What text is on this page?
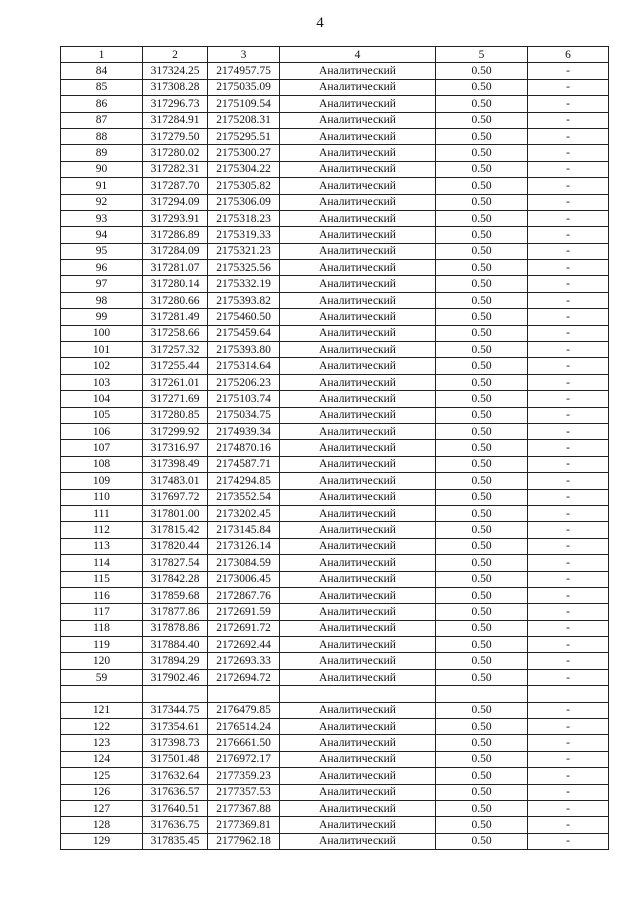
4
1	2	3	4	5	6
84	317324.25	2174957.75	Аналитический	0.50	-
85	317308.28	2175035.09	Аналитический	0.50	-
86	317296.73	2175109.54	Аналитический	0.50	-
87	317284.91	2175208.31	Аналитический	0.50	-
88	317279.50	2175295.51	Аналитический	0.50	-
89	317280.02	2175300.27	Аналитический	0.50	-
90	317282.31	2175304.22	Аналитический	0.50	-
91	317287.70	2175305.82	Аналитический	0.50	-
92	317294.09	2175306.09	Аналитический	0.50	-
93	317293.91	2175318.23	Аналитический	0.50	-
94	317286.89	2175319.33	Аналитический	0.50	-
95	317284.09	2175321.23	Аналитический	0.50	-
96	317281.07	2175325.56	Аналитический	0.50	-
97	317280.14	2175332.19	Аналитический	0.50	-
98	317280.66	2175393.82	Аналитический	0.50	-
99	317281.49	2175460.50	Аналитический	0.50	-
100	317258.66	2175459.64	Аналитический	0.50	-
101	317257.32	2175393.80	Аналитический	0.50	-
102	317255.44	2175314.64	Аналитический	0.50	-
103	317261.01	2175206.23	Аналитический	0.50	-
104	317271.69	2175103.74	Аналитический	0.50	-
105	317280.85	2175034.75	Аналитический	0.50	-
106	317299.92	2174939.34	Аналитический	0.50	-
107	317316.97	2174870.16	Аналитический	0.50	-
108	317398.49	2174587.71	Аналитический	0.50	-
109	317483.01	2174294.85	Аналитический	0.50	-
110	317697.72	2173552.54	Аналитический	0.50	-
111	317801.00	2173202.45	Аналитический	0.50	-
112	317815.42	2173145.84	Аналитический	0.50	-
113	317820.44	2173126.14	Аналитический	0.50	-
114	317827.54	2173084.59	Аналитический	0.50	-
115	317842.28	2173006.45	Аналитический	0.50	-
116	317859.68	2172867.76	Аналитический	0.50	-
117	317877.86	2172691.59	Аналитический	0.50	-
118	317878.86	2172691.72	Аналитический	0.50	-
119	317884.40	2172692.44	Аналитический	0.50	-
120	317894.29	2172693.33	Аналитический	0.50	-
59	317902.46	2172694.72	Аналитический	0.50	-

121	317344.75	2176479.85	Аналитический	0.50	-
122	317354.61	2176514.24	Аналитический	0.50	-
123	317398.73	2176661.50	Аналитический	0.50	-
124	317501.48	2176972.17	Аналитический	0.50	-
125	317632.64	2177359.23	Аналитический	0.50	-
126	317636.57	2177357.53	Аналитический	0.50	-
127	317640.51	2177367.88	Аналитический	0.50	-
128	317636.75	2177369.81	Аналитический	0.50	-
129	317835.45	2177962.18	Аналитический	0.50	-
